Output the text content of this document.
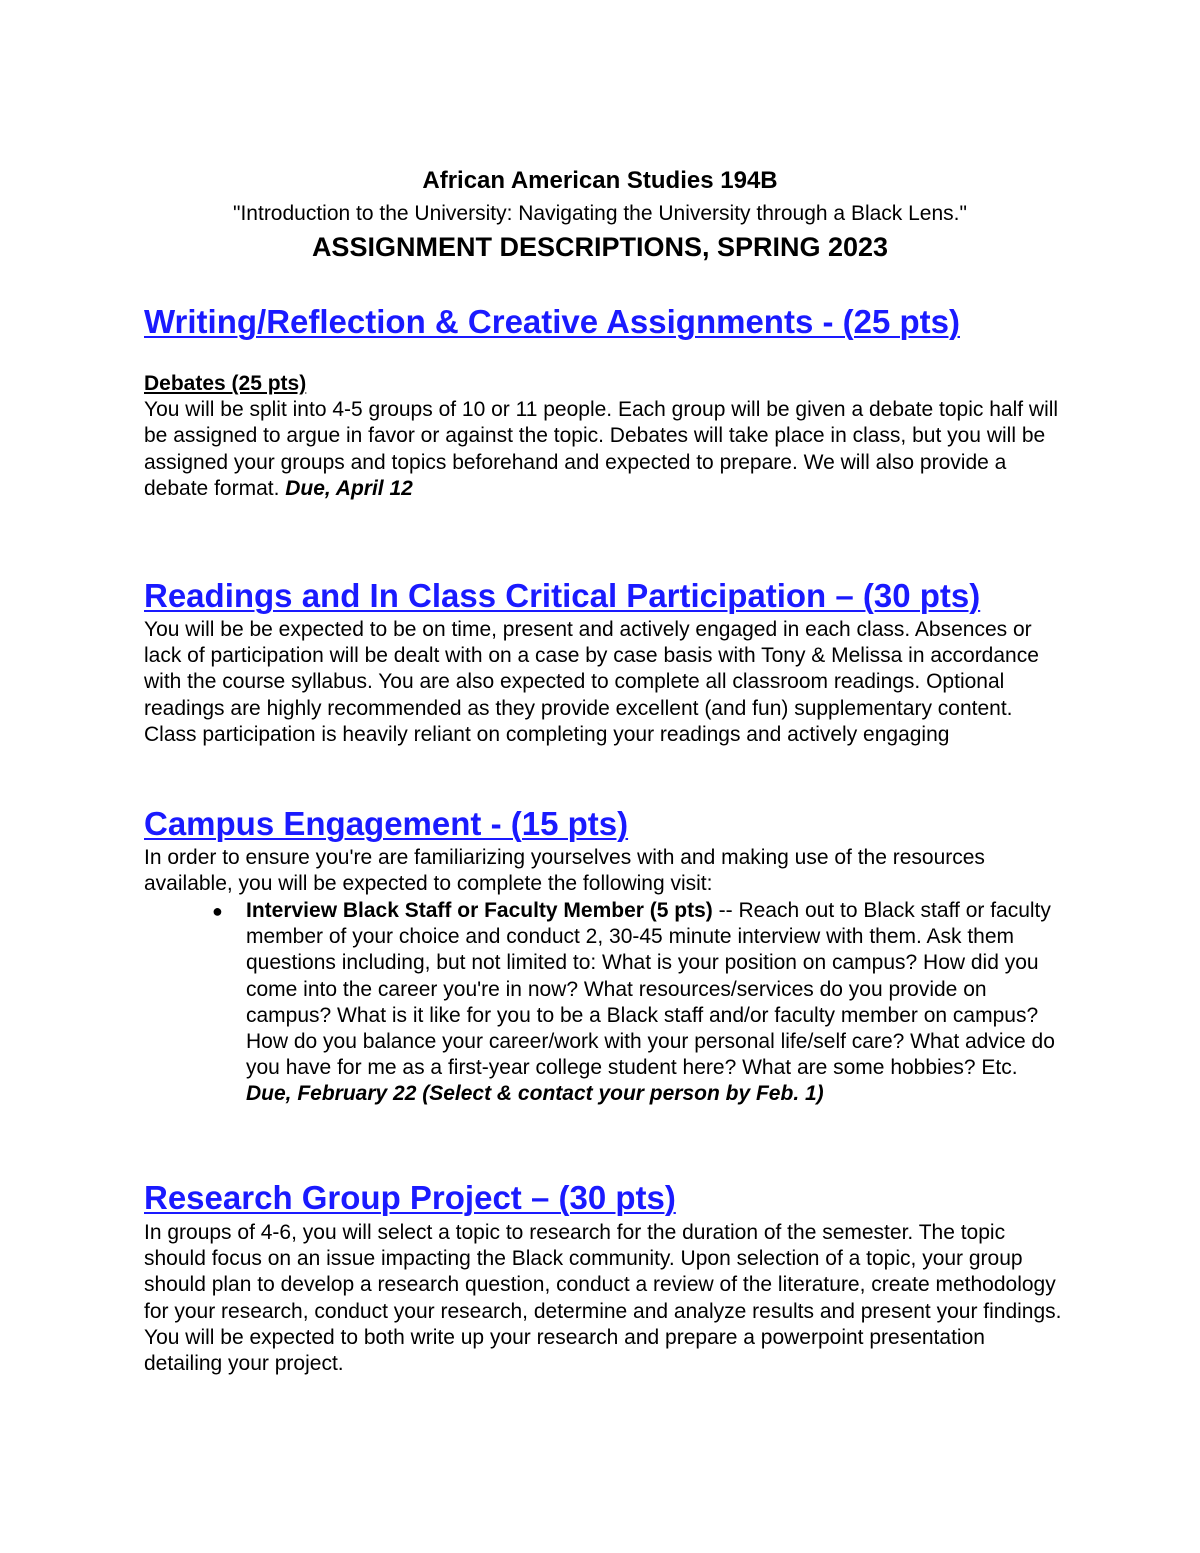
African American Studies 194B
"Introduction to the University: Navigating the University through a Black Lens."
ASSIGNMENT DESCRIPTIONS, SPRING 2023
Writing/Reflection & Creative Assignments - (25 pts)
Debates (25 pts)
You will be split into 4-5 groups of 10 or 11 people. Each group will be given a debate topic half will be assigned to argue in favor or against the topic. Debates will take place in class, but you will be assigned your groups and topics beforehand and expected to prepare. We will also provide a debate format. Due, April 12
Readings and In Class Critical Participation – (30 pts)

You will be be expected to be on time, present and actively engaged in each class. Absences or lack of participation will be dealt with on a case by case basis with Tony & Melissa in accordance with the course syllabus. You are also expected to complete all classroom readings. Optional readings are highly recommended as they provide excellent (and fun) supplementary content. Class participation is heavily reliant on completing your readings and actively engaging

Campus Engagement - (15 pts)

In order to ensure you're are familiarizing yourselves with and making use of the resources available, you will be expected to complete the following visit:

● Interview Black Staff or Faculty Member (5 pts) -- Reach out to Black staff or faculty member of your choice and conduct 2, 30-45 minute interview with them. Ask them questions including, but not limited to: What is your position on campus? How did you come into the career you're in now? What resources/services do you provide on campus? What is it like for you to be a Black staff and/or faculty member on campus? How do you balance your career/work with your personal life/self care? What advice do you have for me as a first-year college student here? What are some hobbies? Etc. Due, February 22 (Select & contact your person by Feb. 1)
Research Group Project – (30 pts)

In groups of 4-6, you will select a topic to research for the duration of the semester. The topic should focus on an issue impacting the Black community. Upon selection of a topic, your group should plan to develop a research question, conduct a review of the literature, create methodology for your research, conduct your research, determine and analyze results and present your findings. You will be expected to both write up your research and prepare a powerpoint presentation detailing your project.
